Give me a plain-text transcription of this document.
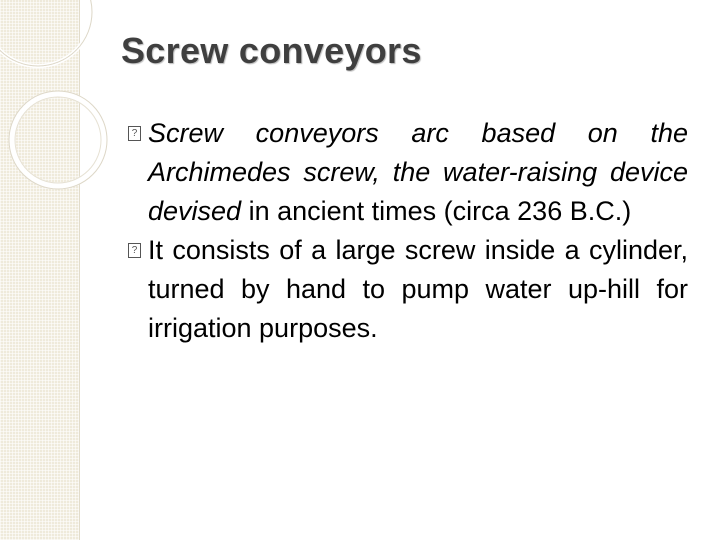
Screw conveyors
? Screw conveyors arc based on the Archimedes screw, the water-raising device devised in ancient times (circa 236 B.C.)
? It consists of a large screw inside a cylinder, turned by hand to pump water up-hill for irrigation purposes.
